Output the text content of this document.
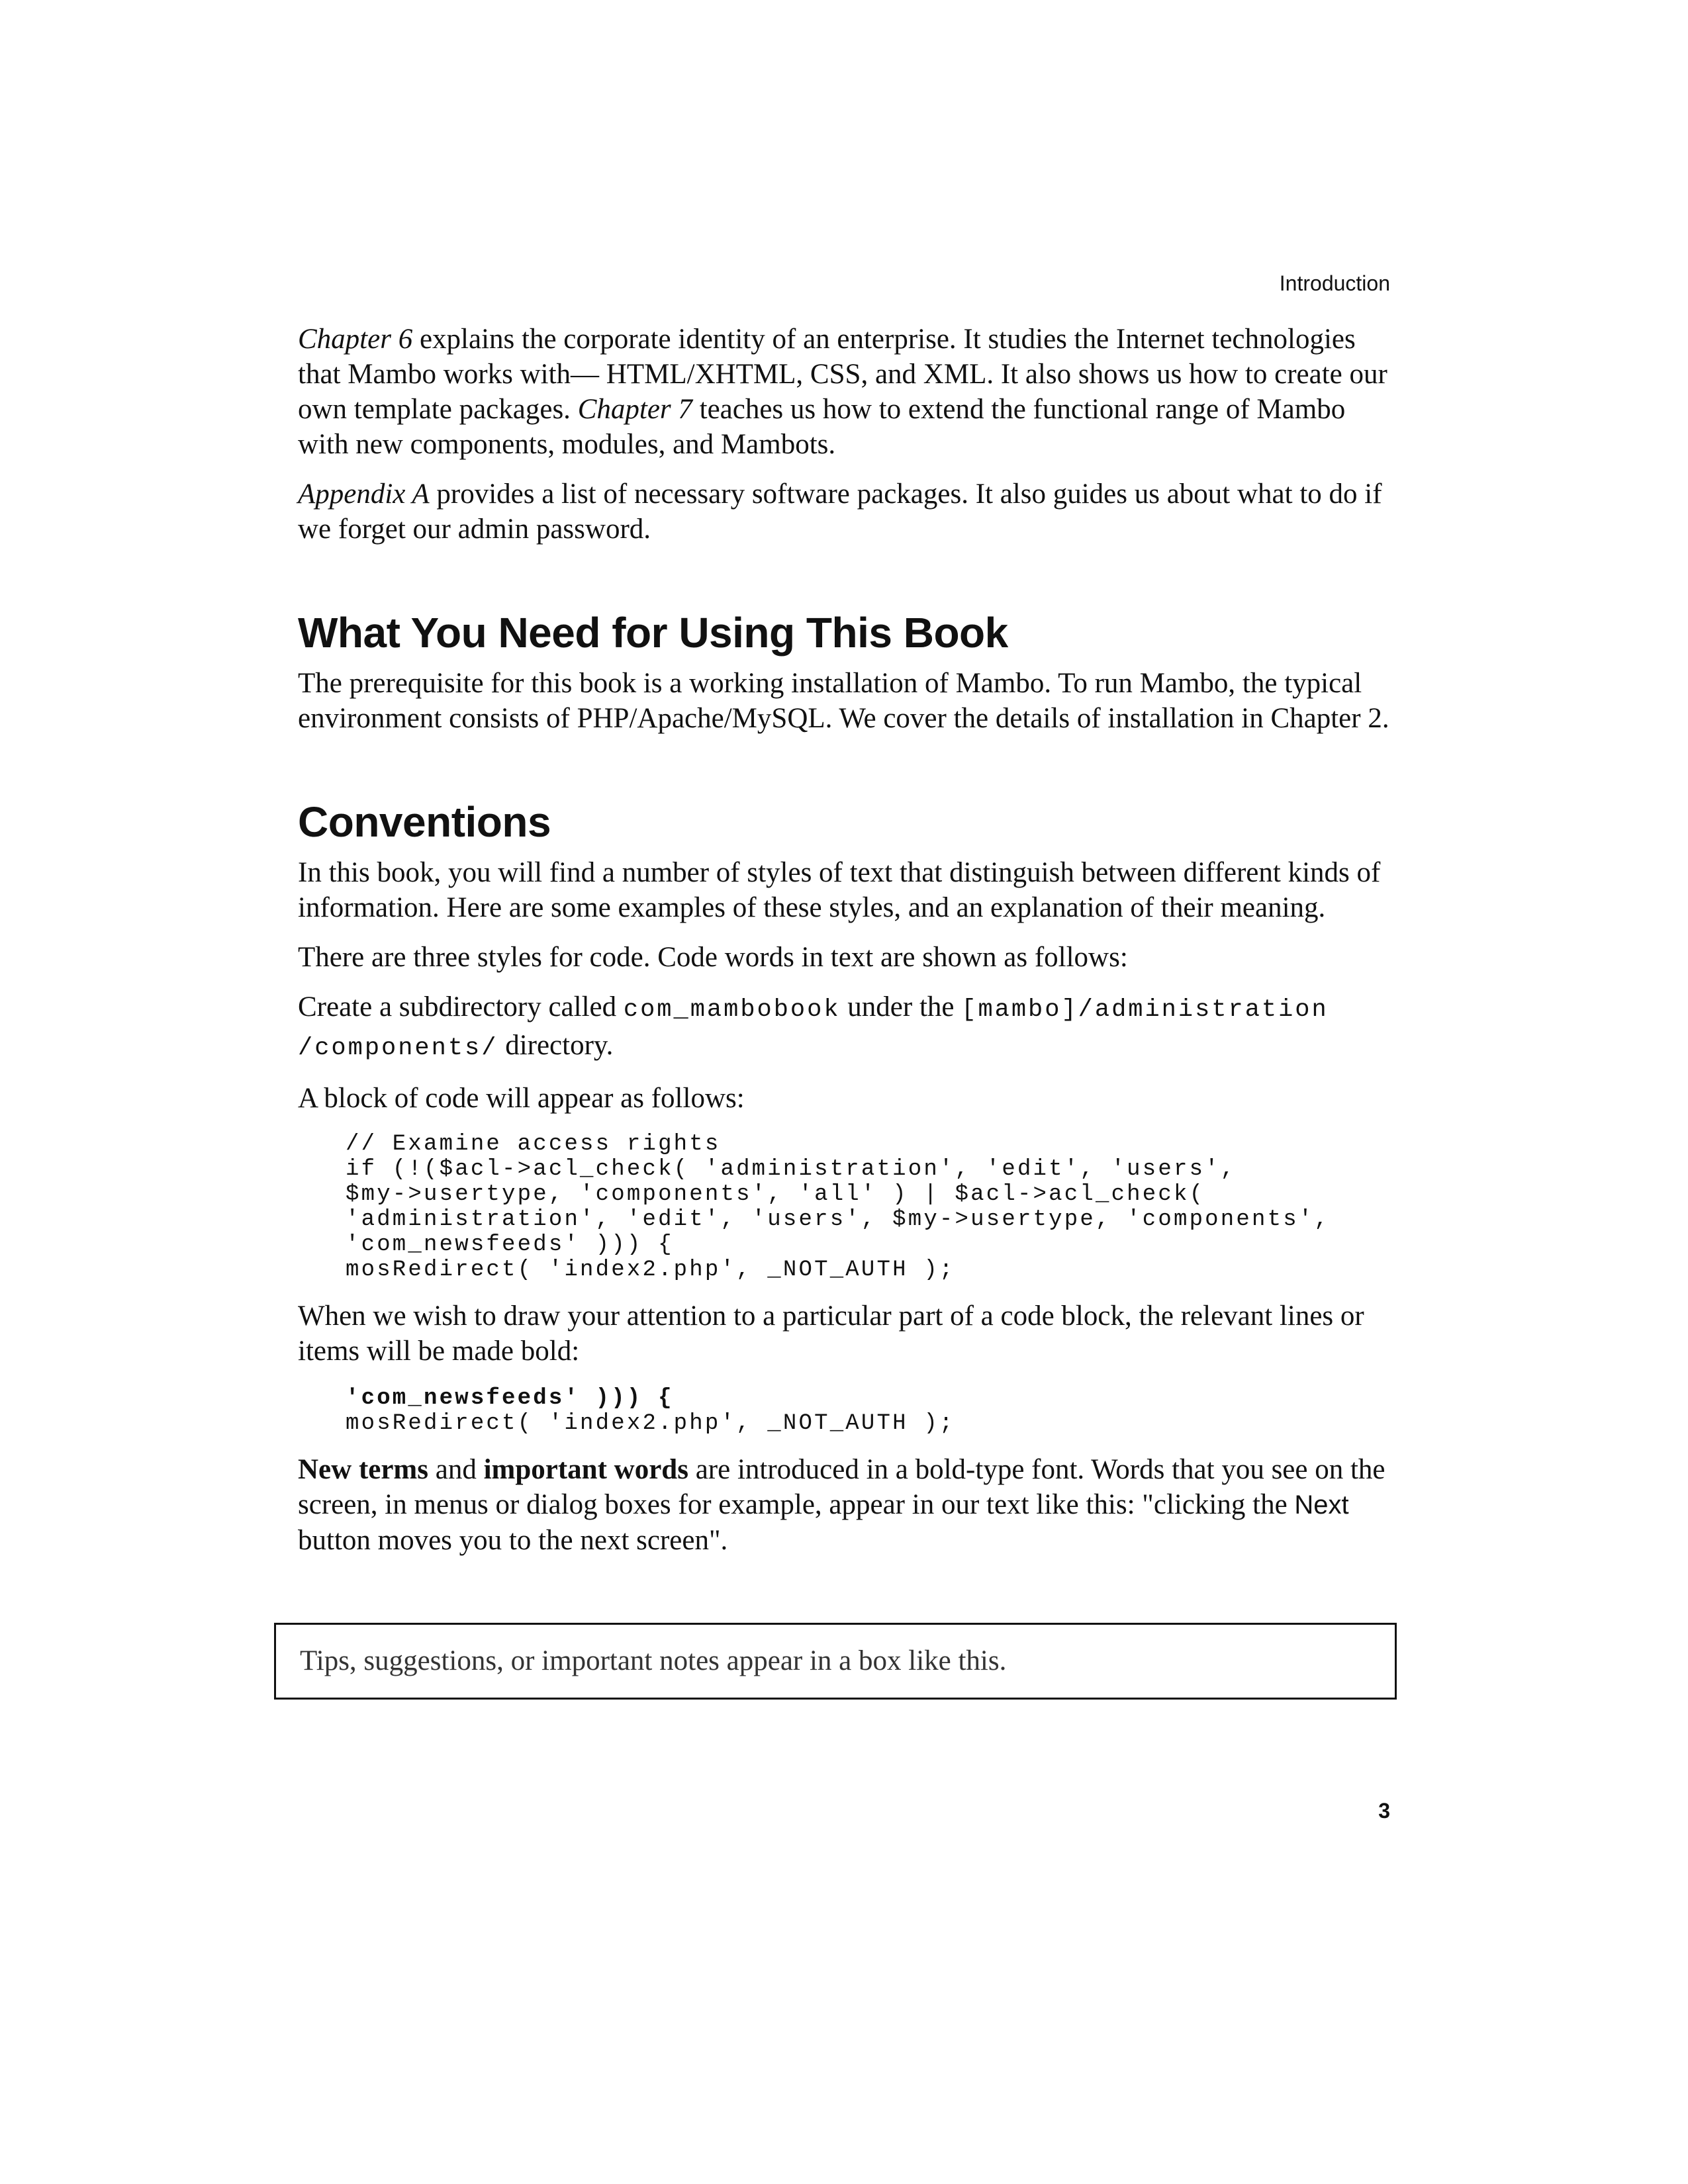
Introduction

Chapter 6 explains the corporate identity of an enterprise. It studies the Internet technologies that Mambo works with— HTML/XHTML, CSS, and XML. It also shows us how to create our own template packages. Chapter 7 teaches us how to extend the functional range of Mambo with new components, modules, and Mambots.

Appendix A provides a list of necessary software packages. It also guides us about what to do if we forget our admin password.

What You Need for Using This Book

The prerequisite for this book is a working installation of Mambo. To run Mambo, the typical environment consists of PHP/Apache/MySQL. We cover the details of installation in Chapter 2.

Conventions

In this book, you will find a number of styles of text that distinguish between different kinds of information. Here are some examples of these styles, and an explanation of their meaning.

There are three styles for code. Code words in text are shown as follows:

Create a subdirectory called com_mambobook under the [mambo]/administration
/components/ directory.

A block of code will appear as follows:

// Examine access rights
if (!($acl->acl_check( 'administration', 'edit', 'users',
$my->usertype, 'components', 'all' ) | $acl->acl_check(
'administration', 'edit', 'users', $my->usertype, 'components',
'com_newsfeeds' ))) {
mosRedirect( 'index2.php', _NOT_AUTH );

When we wish to draw your attention to a particular part of a code block, the relevant lines or items will be made bold:

'com_newsfeeds' ))) {
mosRedirect( 'index2.php', _NOT_AUTH );

New terms and important words are introduced in a bold-type font. Words that you see on the screen, in menus or dialog boxes for example, appear in our text like this: "clicking the Next button moves you to the next screen".

Tips, suggestions, or important notes appear in a box like this.

3
